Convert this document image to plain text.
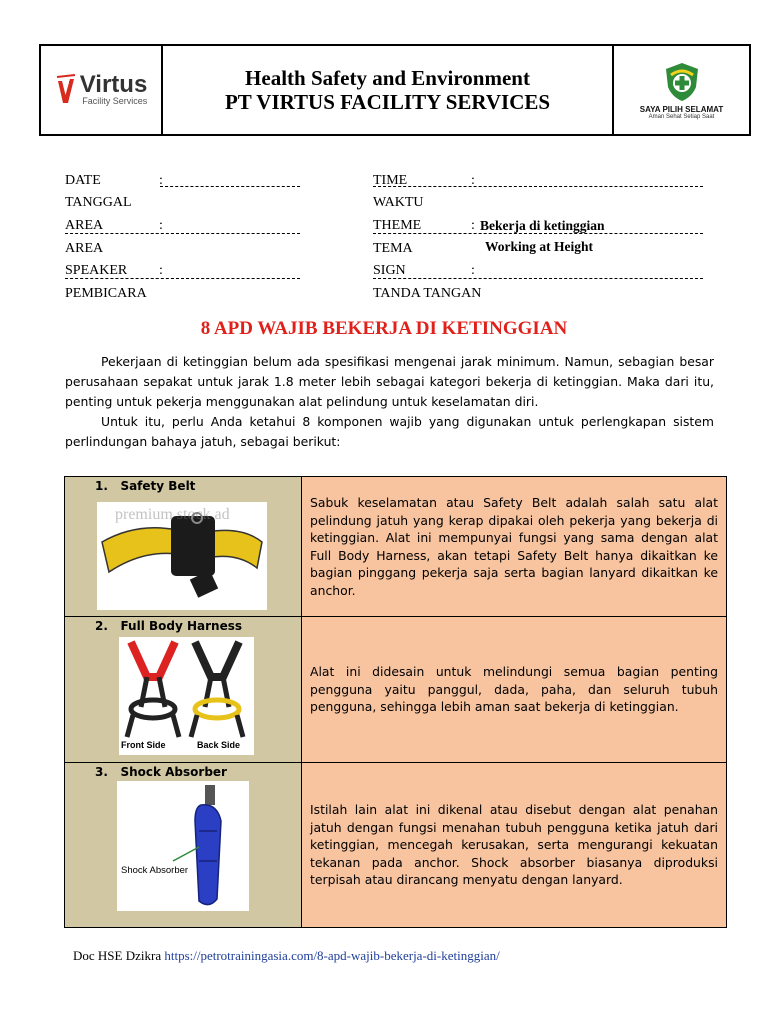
Virtus
Facility Services
Health Safety and Environment
PT VIRTUS FACILITY SERVICES	SAYA PILIH SELAMAT
Aman Sehat Setiap Saat
DATE	:
TANGGAL
AREA	:
AREA
SPEAKER :
PEMBICARA
TIME	:
WAKTU
THEME	: Bekerja di ketinggian
TEMA	Working at Height
SIGN	:
TANDA TANGAN
8 APD WAJIB BEKERJA DI KETINGGIAN

Pekerjaan di ketinggian belum ada spesifikasi mengenai jarak minimum. Namun, sebagian besar perusahaan sepakat untuk jarak 1.8 meter lebih sebagai kategori bekerja di ketinggian. Maka dari itu, penting untuk pekerja menggunakan alat pelindung untuk keselamatan diri.

Untuk itu, perlu Anda ketahui 8 komponen wajib yang digunakan untuk perlengkapan sistem perlindungan bahaya jatuh, sebagai berikut:

1.   Safety Belt
premium stock ad

Sabuk keselamatan atau Safety Belt adalah salah satu alat pelindung jatuh yang kerap dipakai oleh pekerja yang bekerja di ketinggian. Alat ini mempunyai fungsi yang sama dengan alat Full Body Harness, akan tetapi Safety Belt hanya dikaitkan ke bagian pinggang pekerja saja serta bagian lanyard dikaitkan ke anchor.

2.   Full Body Harness
Front Side	Back Side

Alat ini didesain untuk melindungi semua bagian penting pengguna yaitu panggul, dada, paha, dan seluruh tubuh pengguna, sehingga lebih aman saat bekerja di ketinggian.

3.   Shock Absorber
Shock Absorber

Istilah lain alat ini dikenal atau disebut dengan alat penahan jatuh dengan fungsi menahan tubuh pengguna ketika jatuh dari ketinggian, mencegah kerusakan, serta mengurangi kekuatan tekanan pada anchor. Shock absorber biasanya diproduksi terpisah atau dirancang menyatu dengan lanyard.

Doc HSE Dzikra https://petrotrainingasia.com/8-apd-wajib-bekerja-di-ketinggian/
